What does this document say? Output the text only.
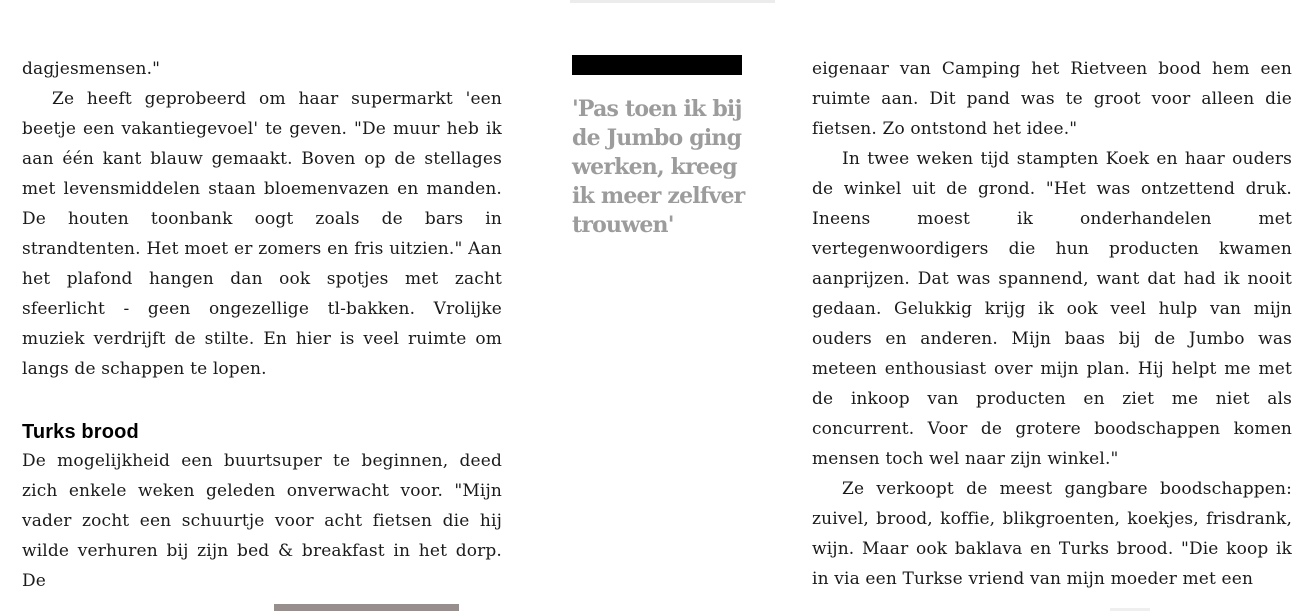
dagjesmensen."

Ze heeft geprobeerd om haar supermarkt 'een beetje een vakantiegevoel' te geven. "De muur heb ik aan één kant blauw gemaakt. Boven op de stellages met levensmiddelen staan bloemenvazen en manden. De houten toonbank oogt zoals de bars in strandtenten. Het moet er zomers en fris uitzien." Aan het plafond hangen dan ook spotjes met zacht sfeerlicht - geen ongezellige tl-bakken. Vrolijke muziek verdrijft de stilte. En hier is veel ruimte om langs de schappen te lopen.

Turks brood

De mogelijkheid een buurtsuper te beginnen, deed zich enkele weken geleden onverwacht voor. "Mijn vader zocht een schuurtje voor acht fietsen die hij wilde verhuren bij zijn bed & breakfast in het dorp. De

'Pas toen ik bij de Jumbo ging werken, kreeg ik meer zelfvertrouwen'

eigenaar van Camping het Rietveen bood hem een ruimte aan. Dit pand was te groot voor alleen die fietsen. Zo ontstond het idee."

In twee weken tijd stampten Koek en haar ouders de winkel uit de grond. "Het was ontzettend druk. Ineens moest ik onderhandelen met vertegenwoordigers die hun producten kwamen aanprijzen. Dat was spannend, want dat had ik nooit gedaan. Gelukkig krijg ik ook veel hulp van mijn ouders en anderen. Mijn baas bij de Jumbo was meteen enthousiast over mijn plan. Hij helpt me met de inkoop van producten en ziet me niet als concurrent. Voor de grotere boodschappen komen mensen toch wel naar zijn winkel."

Ze verkoopt de meest gangbare boodschappen: zuivel, brood, koffie, blikgroenten, koekjes, frisdrank, wijn. Maar ook baklava en Turks brood. "Die koop ik in via een Turkse vriend van mijn moeder met een
